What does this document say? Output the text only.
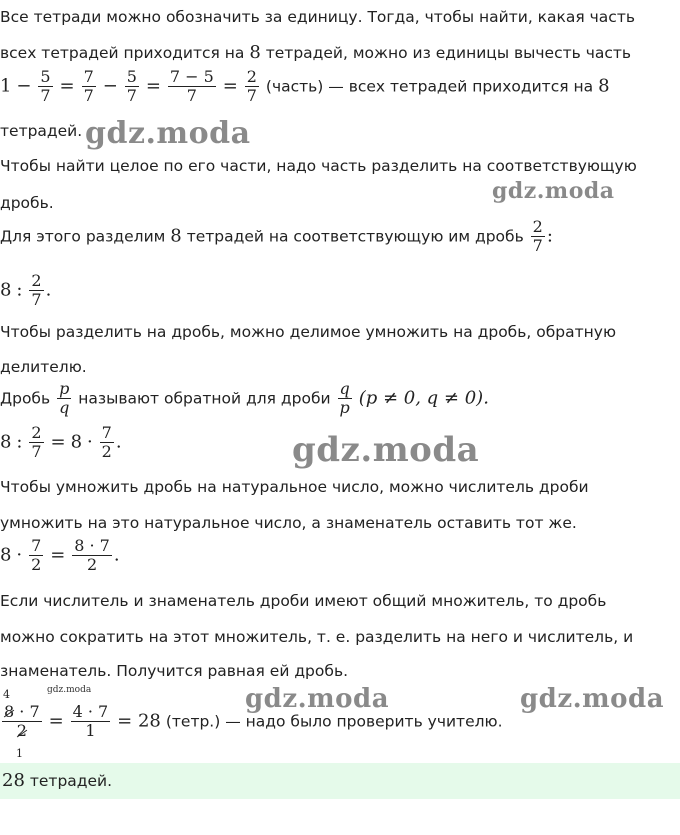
Все тетради можно обозначить за единицу. Тогда, чтобы найти, какая часть
всех тетрадей приходится на 8 тетрадей, можно из единицы вычесть часть
$1 - \frac{5}{7} = \frac{7}{7} - \frac{5}{7} = \frac{7 - 5}{7} = \frac{2}{7}$ (часть) — всех тетрадей приходится на 8
тетрадей. gdz.moda
Чтобы найти целое по его части, надо часть разделить на соответствующую
gdz.moda
дробь.
Для этого разделим 8 тетрадей на соответствующую им дробь $\frac{2}{7}$ :
8 : $\frac{2}{7}$ .
Чтобы разделить на дробь, можно делимое умножить на дробь, обратную
делителю.
Дробь $\frac{p}{q}$ называют обратной для дроби $\frac{q}{p} (p \ne 0$, q ≠ 0).
8 : $\frac{2}{7} = 8 \cdot \frac{7}{2}$ .	gdz.moda
Чтобы умножить дробь на натуральное число, можно числитель дроби
умножить на это натуральное число, а знаменатель оставить тот же.
$8 \cdot \frac{7}{2} = \frac{8 \cdot 7}{2}$ .
Если числитель и знаменатель дроби имеют общий множитель, то дробь
можно сократить на этот множитель, т. е. разделить на него и числитель, и
знаменатель. Получится равная ей дробь.
gdz.moda	gdz.moda	gdz.moda
4
1
$\frac{8 \cdot 7}{2} = \frac{4 \cdot 7}{1} = 28$ (тетр.) — надо было проверить учителю.
28 тетрадей.
